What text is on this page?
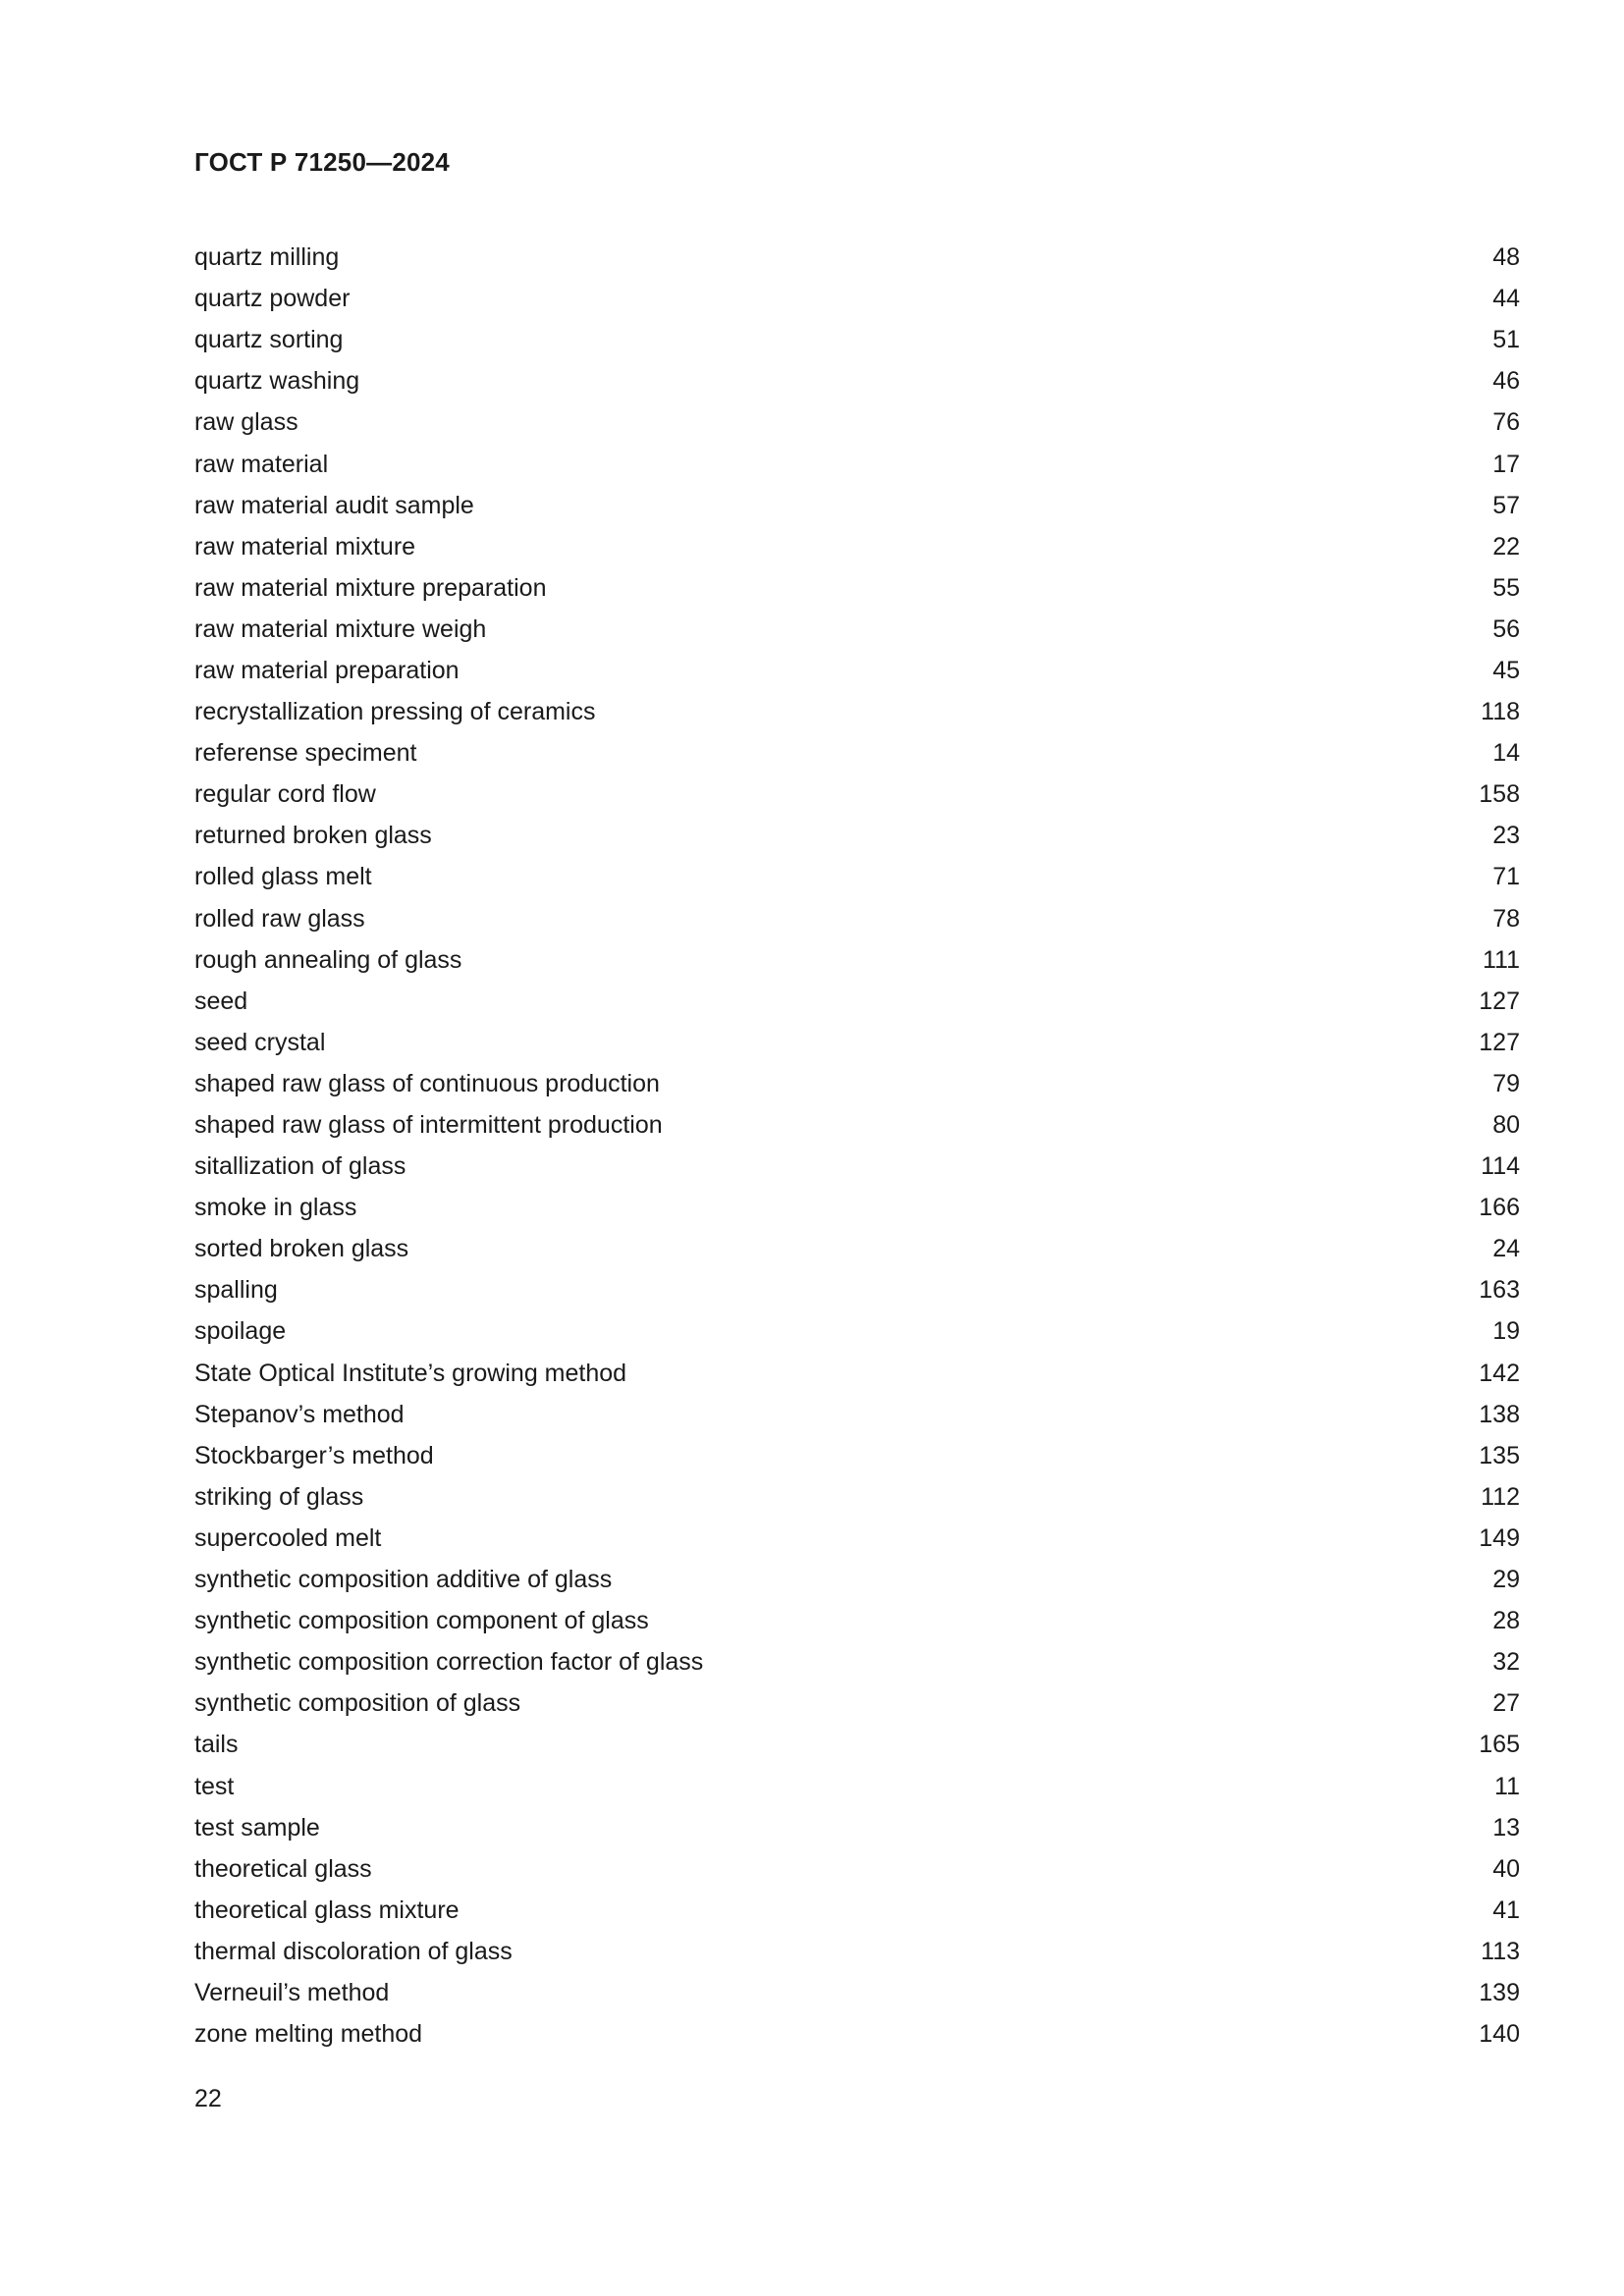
ГОСТ Р 71250—2024
quartz milling	48
quartz powder	44
quartz sorting	51
quartz washing	46
raw glass	76
raw material	17
raw material audit sample	57
raw material mixture	22
raw material mixture preparation	55
raw material mixture weigh	56
raw material preparation	45
recrystallization pressing of ceramics	118
referense speciment	14
regular cord flow	158
returned broken glass	23
rolled glass melt	71
rolled raw glass	78
rough annealing of glass	111
seed	127
seed crystal	127
shaped raw glass of continuous production	79
shaped raw glass of intermittent production	80
sitallization of glass	114
smoke in glass	166
sorted broken glass	24
spalling	163
spoilage	19
State Optical Institute’s growing method	142
Stepanov’s method	138
Stockbarger’s method	135
striking of glass	112
supercooled melt	149
synthetic composition additive of glass	29
synthetic composition component of glass	28
synthetic composition correction factor of glass	32
synthetic composition of glass	27
tails	165
test	11
test sample	13
theoretical glass	40
theoretical glass mixture	41
thermal discoloration of glass	113
Verneuil’s method	139
zone melting method	140
22
